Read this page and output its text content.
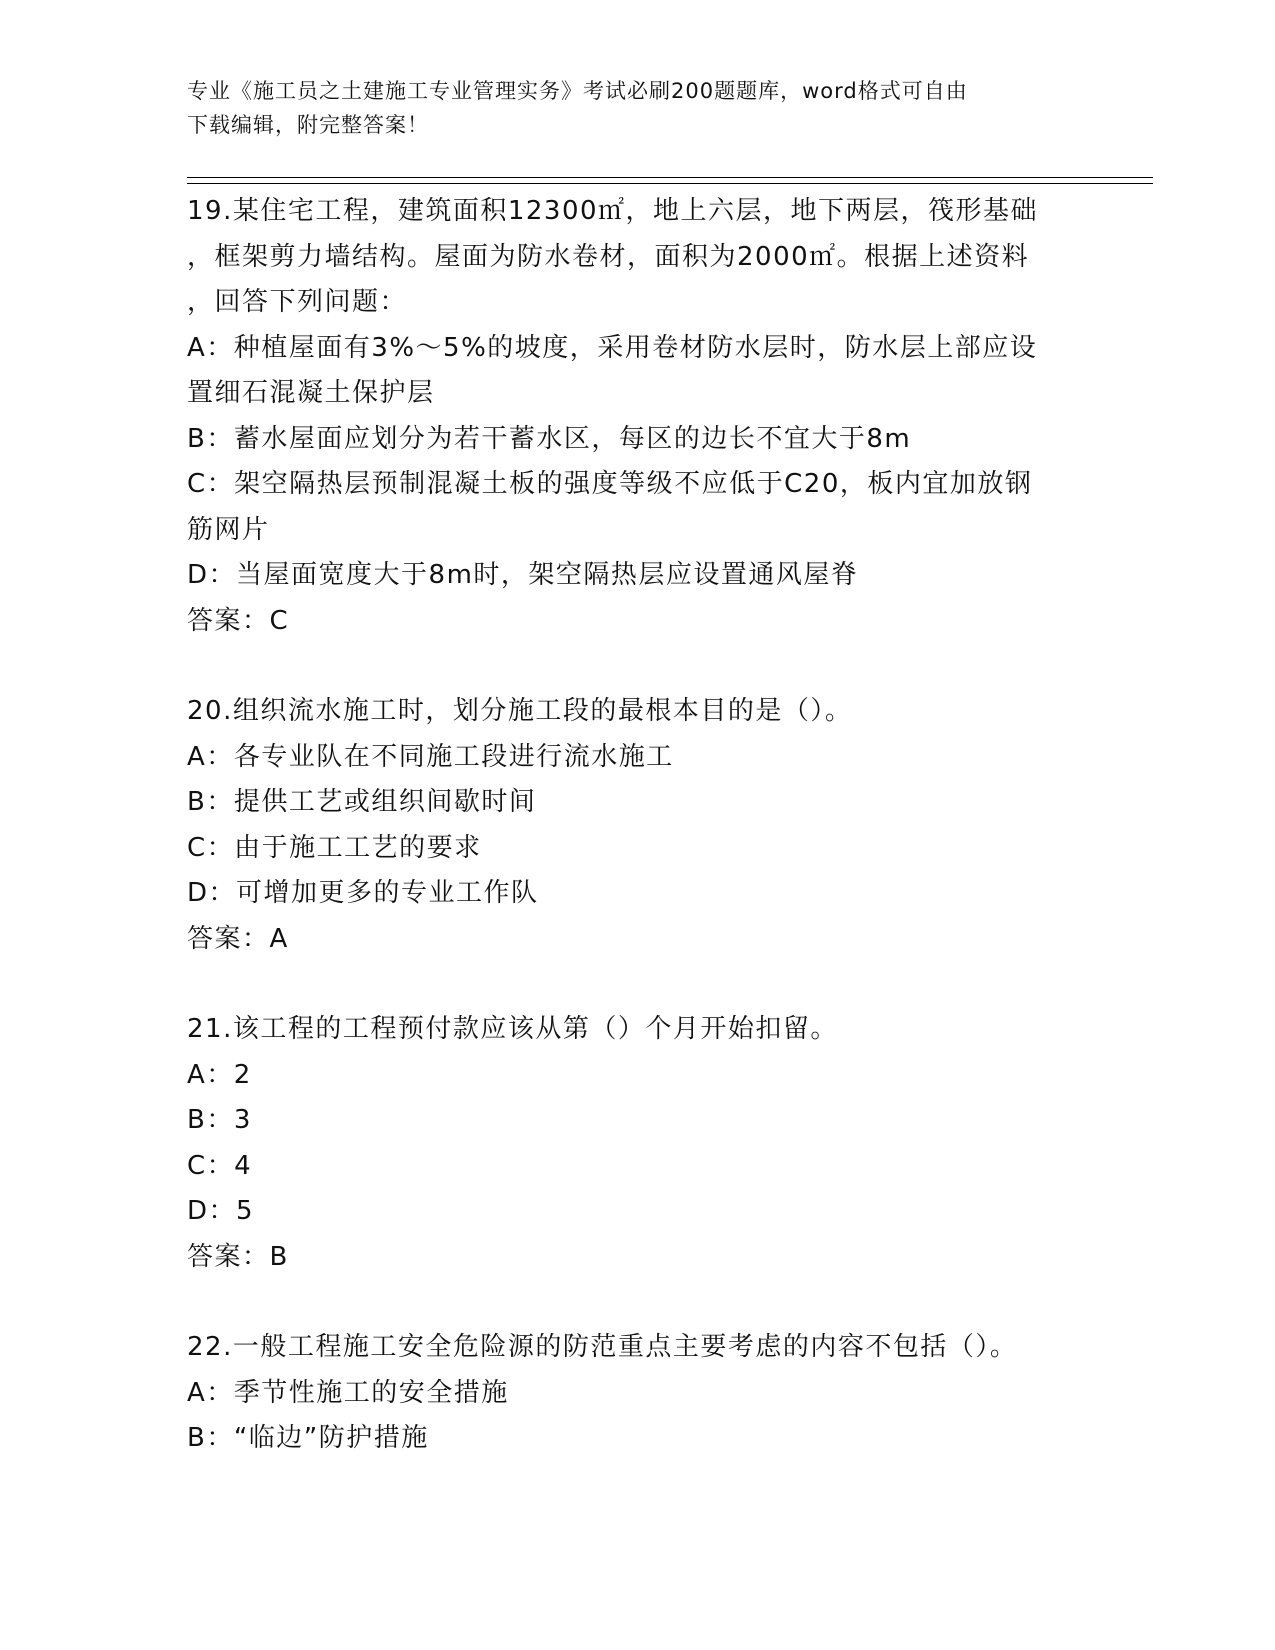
专业《施工员之土建施工专业管理实务》考试必刷200题题库，word格式可自由
下载编辑，附完整答案！

19.某住宅工程，建筑面积12300㎡，地上六层，地下两层，筏形基础

，框架剪力墙结构。屋面为防水卷材，面积为2000㎡。根据上述资料

，回答下列问题：

A：种植屋面有3%～5%的坡度，采用卷材防水层时，防水层上部应设

置细石混凝土保护层

B：蓄水屋面应划分为若干蓄水区，每区的边长不宜大于8m

C：架空隔热层预制混凝土板的强度等级不应低于C20，板内宜加放钢

筋网片

D：当屋面宽度大于8m时，架空隔热层应设置通风屋脊

答案：C

20.组织流水施工时，划分施工段的最根本目的是（）。

A：各专业队在不同施工段进行流水施工

B：提供工艺或组织间歇时间

C：由于施工工艺的要求

D：可增加更多的专业工作队

答案：A

21.该工程的工程预付款应该从第（）个月开始扣留。

A：2

B：3

C：4

D：5

答案：B

22.一般工程施工安全危险源的防范重点主要考虑的内容不包括（）。

A：季节性施工的安全措施

B：“临边”防护措施
